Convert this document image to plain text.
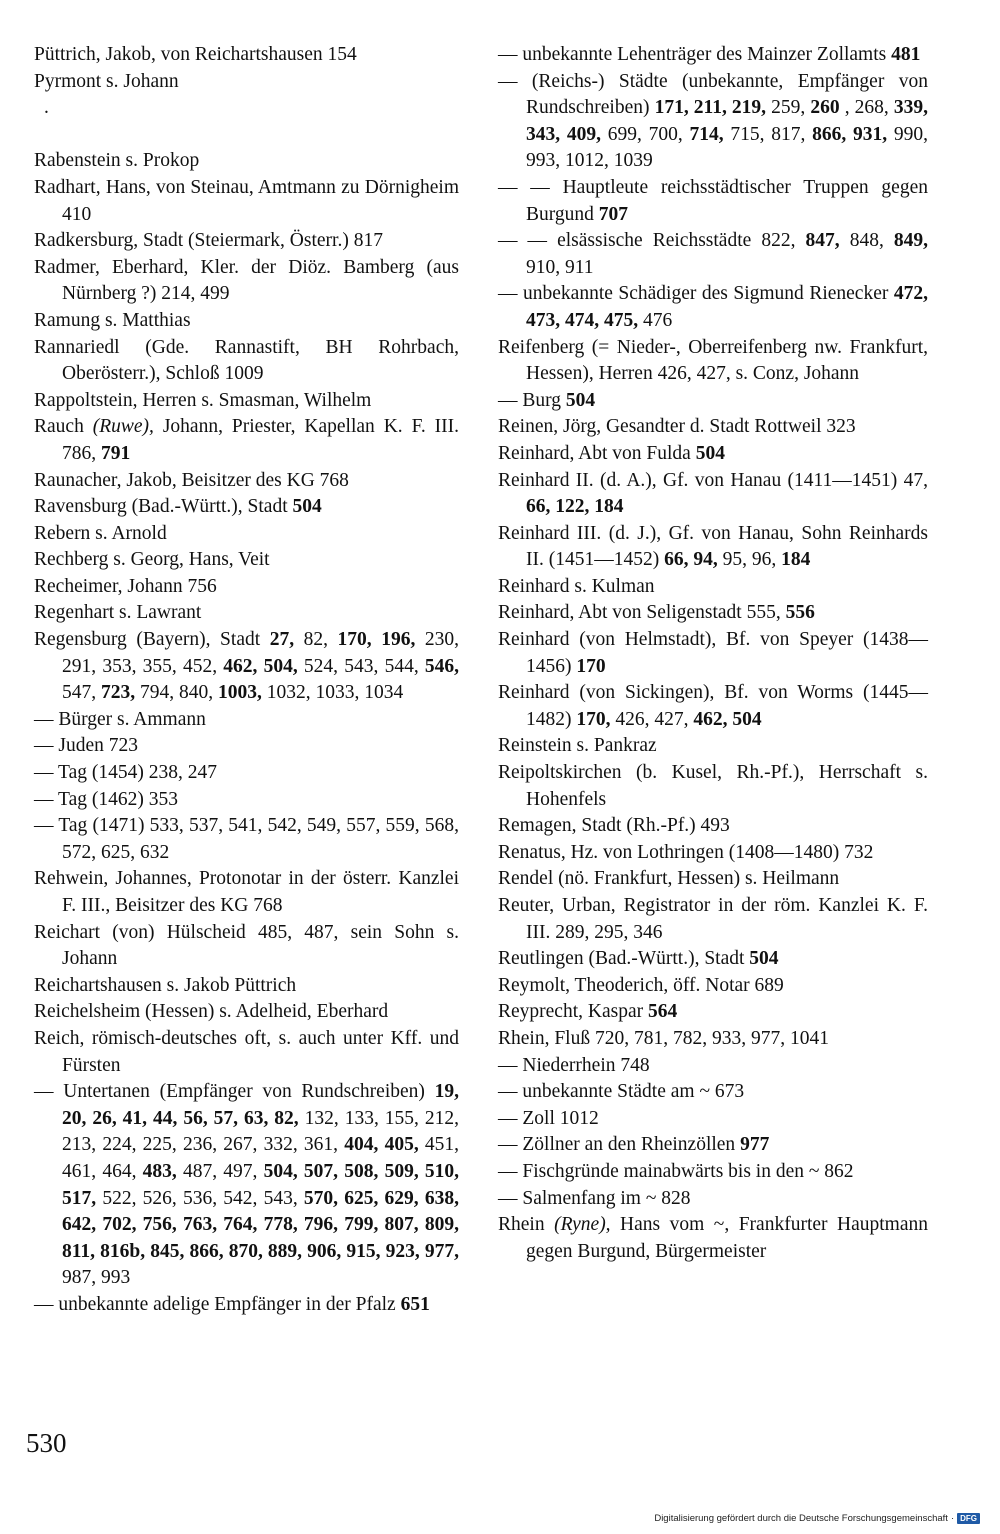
Püttrich, Jakob, von Reichartshausen 154
Pyrmont s. Johann
.
Rabenstein s. Prokop
Radhart, Hans, von Steinau, Amtmann zu Dörnigheim 410
Radkersburg, Stadt (Steiermark, Österr.) 817
Radmer, Eberhard, Kler. der Diöz. Bamberg (aus Nürnberg ?) 214, 499
Ramung s. Matthias
Rannariedl (Gde. Rannastift, BH Rohrbach, Oberösterr.), Schloß 1009
Rappoltstein, Herren s. Smasman, Wilhelm
Rauch (Ruwe), Johann, Priester, Kapellan K. F. III. 786, 791
Raunacher, Jakob, Beisitzer des KG 768
Ravensburg (Bad.-Württ.), Stadt 504
Rebern s. Arnold
Rechberg s. Georg, Hans, Veit
Recheimer, Johann 756
Regenhart s. Lawrant
Regensburg (Bayern), Stadt 27, 82, 170, 196, 230, 291, 353, 355, 452, 462, 504, 524, 543, 544, 546, 547, 723, 794, 840, 1003, 1032, 1033, 1034
— Bürger s. Ammann
— Juden 723
— Tag (1454) 238, 247
— Tag (1462) 353
— Tag (1471) 533, 537, 541, 542, 549, 557, 559, 568, 572, 625, 632
Rehwein, Johannes, Protonotar in der österr. Kanzlei F. III., Beisitzer des KG 768
Reichart (von) Hülscheid 485, 487, sein Sohn s. Johann
Reichartshausen s. Jakob Püttrich
Reichelsheim (Hessen) s. Adelheid, Eberhard
Reich, römisch-deutsches oft, s. auch unter Kff. und Fürsten
— Untertanen (Empfänger von Rundschreiben) 19, 20, 26, 41, 44, 56, 57, 63, 82, 132, 133, 155, 212, 213, 224, 225, 236, 267, 332, 361, 404, 405, 451, 461, 464, 483, 487, 497, 504, 507, 508, 509, 510, 517, 522, 526, 536, 542, 543, 570, 625, 629, 638, 642, 702, 756, 763, 764, 778, 796, 799, 807, 809, 811, 816b, 845, 866, 870, 889, 906, 915, 923, 977, 987, 993
— unbekannte adelige Empfänger in der Pfalz 651
— unbekannte Lehenträger des Mainzer Zollamts 481
— (Reichs-) Städte (unbekannte, Empfänger von Rundschreiben) 171, 211, 219, 259, 260 , 268, 339, 343, 409, 699, 700, 714, 715, 817, 866, 931, 990, 993, 1012, 1039
— — Hauptleute reichsstädtischer Truppen gegen Burgund 707
— — elsässische Reichsstädte 822, 847, 848, 849, 910, 911
— unbekannte Schädiger des Sigmund Rienecker 472, 473, 474, 475, 476
Reifenberg (= Nieder-, Oberreifenberg nw. Frankfurt, Hessen), Herren 426, 427, s. Conz, Johann
— Burg 504
Reinen, Jörg, Gesandter d. Stadt Rottweil 323
Reinhard, Abt von Fulda 504
Reinhard II. (d. A.), Gf. von Hanau (1411—1451) 47, 66, 122, 184
Reinhard III. (d. J.), Gf. von Hanau, Sohn Reinhards II. (1451—1452) 66, 94, 95, 96, 184
Reinhard s. Kulman
Reinhard, Abt von Seligenstadt 555, 556
Reinhard (von Helmstadt), Bf. von Speyer (1438—1456) 170
Reinhard (von Sickingen), Bf. von Worms (1445—1482) 170, 426, 427, 462, 504
Reinstein s. Pankraz
Reipoltskirchen (b. Kusel, Rh.-Pf.), Herrschaft s. Hohenfels
Remagen, Stadt (Rh.-Pf.) 493
Renatus, Hz. von Lothringen (1408—1480) 732
Rendel (nö. Frankfurt, Hessen) s. Heilmann
Reuter, Urban, Registrator in der röm. Kanzlei K. F. III. 289, 295, 346
Reutlingen (Bad.-Württ.), Stadt 504
Reymolt, Theoderich, öff. Notar 689
Reyprecht, Kaspar 564
Rhein, Fluß 720, 781, 782, 933, 977, 1041
— Niederrhein 748
— unbekannte Städte am ~ 673
— Zoll 1012
— Zöllner an den Rheinzöllen 977
— Fischgründe mainabwärts bis in den ~ 862
— Salmenfang im ~ 828
Rhein (Ryne), Hans vom ~, Frankfurter Hauptmann gegen Burgund, Bürgermeister
530
Digitalisierung gefördert durch die Deutsche Forschungsgemeinschaft · DFG
